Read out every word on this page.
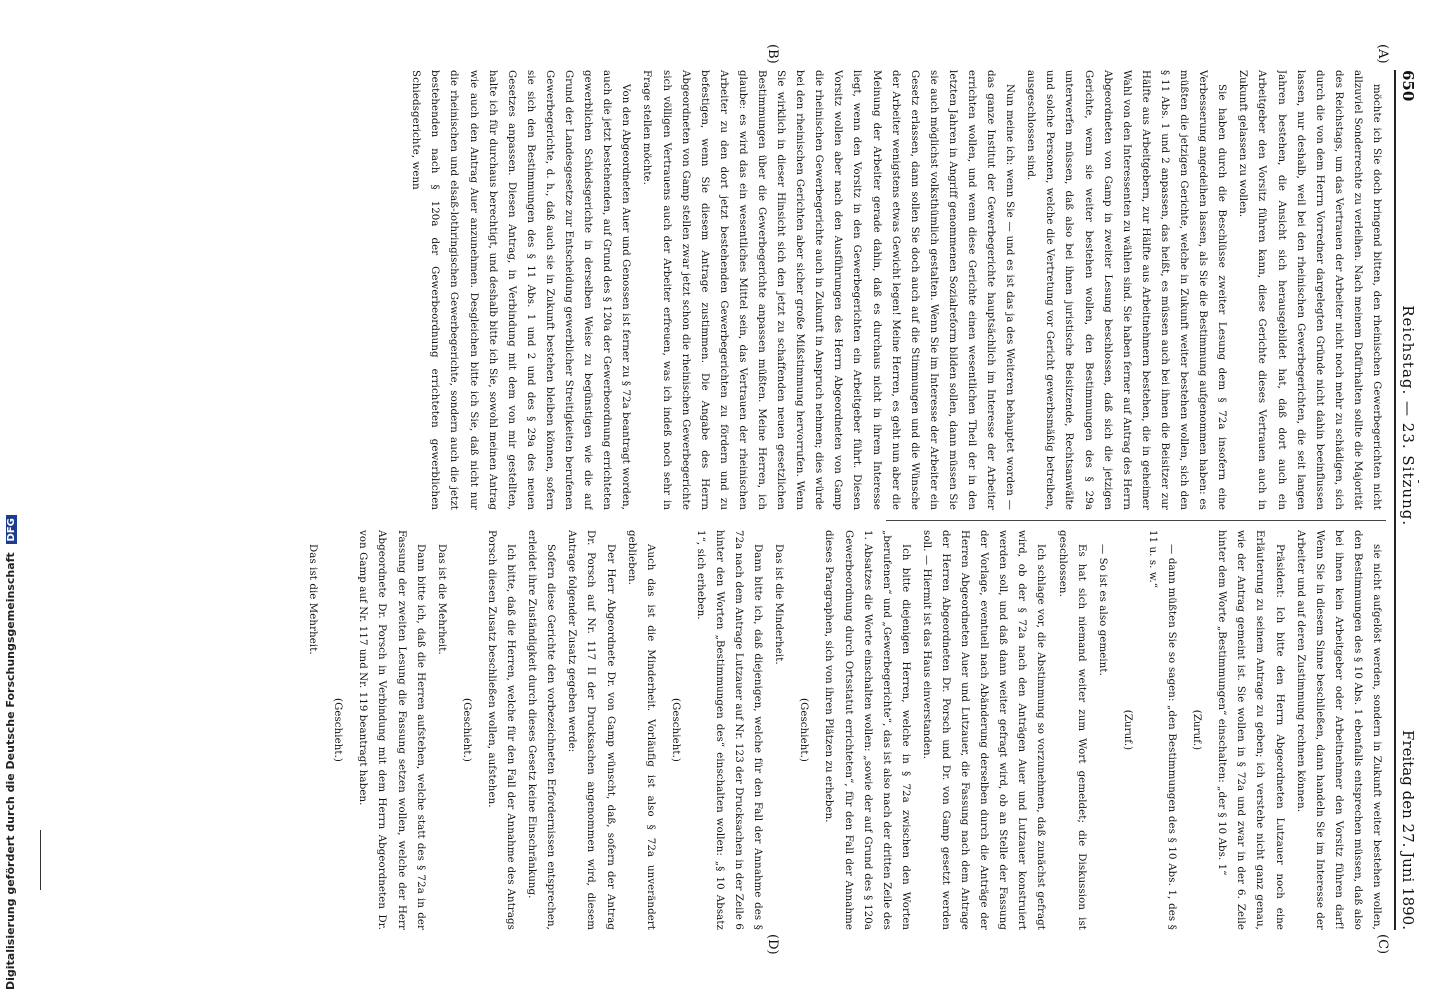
Digitalisierung gefördert durch die Deutsche Forschungsgemeinschaft DFG
650
Reichstag. — 23. Sitzung.
Freitag den 27. Juni 1890.
(A)
(B)
(C)
(D)

möchte ich Sie doch bringend bitten, den rheinischen Gewerbegerichten nicht allzuviel Sonderrechte zu verleihen. Nach meinem Dafürhalten sollte die Majorität des Reichstags, um das Vertrauen der Arbeiter nicht noch mehr zu schädigen, sich durch die von dem Herrn Vorredner dargelegten Gründe nicht dahin beeinflussen lassen, nur deshalb, weil bei den rheinischen Gewerbegerichten, die seit langen Jahren bestehen, die Ansicht sich herausgebildet hat, daß dort auch ein Arbeitgeber den Vorsitz führen kann, diese Gerichte dieses Vertrauen auch in Zukunft gelassen zu wollen.

Sie haben durch die Beschlüsse zweiter Lesung dem § 72a insofern eine Verbesserung angedeihen lassen, als Sie die Bestimmung aufgenommen haben: es müßten die jetzigen Gerichte, welche in Zukunft weiter bestehen wollen, sich den § 11 Abs. 1 und 2 anpassen, das heißt, es müssen auch bei ihnen die Beisitzer zur Hälfte aus Arbeitgebern, zur Hälfte aus Arbeitnehmern bestehen, die in geheimer Wahl von den Interessenten zu wählen sind. Sie haben ferner auf Antrag des Herrn Abgeordneten von Gamp in zweiter Lesung beschlossen, daß sich die jetzigen Gerichte, wenn sie weiter bestehen wollen, den Bestimmungen des § 29a unterwerfen müssen, daß also bei ihnen juristische Beisitzende, Rechtsanwälte und solche Personen, welche die Vertretung vor Gericht gewerbsmäßig betreiben, ausgeschlossen sind.

Nun meine ich: wenn Sie — und es ist das ja des Weiteren behauptet worden — das ganze Institut der Gewerbegerichte hauptsächlich im Interesse der Arbeiter errichten wollen, und wenn diese Gerichte einen wesentlichen Theil der in den letzten Jahren in Angriff genommenen Sozialreform bilden sollen, dann müssen Sie sie auch möglichst volksthümlich gestalten. Wenn Sie im Interesse der Arbeiter ein Gesetz erlassen, dann sollen Sie doch auch auf die Stimmungen und die Wünsche der Arbeiter wenigstens etwas Gewicht legen! Meine Herren, es geht nun aber die Meinung der Arbeiter gerade dahin, daß es durchaus nicht in ihrem Interesse liegt, wenn den Vorsitz in den Gewerbegerichten ein Arbeitgeber führt. Diesen Vorsitz wollen aber nach den Ausführungen des Herrn Abgeordneten von Gamp die rheinischen Gewerbegerichte auch in Zukunft in Anspruch nehmen; dies würde bei den rheinischen Gerichten aber sicher große Mißstimmung hervorrufen. Wenn Sie wirklich in dieser Hinsicht sich den jetzt zu schaffenden neuen gesetzlichen Bestimmungen über die Gewerbegerichte anpassen müßten. Meine Herren, ich glaube: es wird das ein wesentliches Mittel sein, das Vertrauen der rheinischen Arbeiter zu den dort jetzt bestehenden Gewerbegerichten zu fördern und zu befestigen, wenn Sie diesem Antrage zustimmen. Die Angabe des Herrn Abgeordneten von Gamp stellen zwar jetzt schon die rheinischen Gewerbegerichte sich völligen Vertrauens auch der Arbeiter erfreuen, was ich indeß noch sehr in Frage stellen möchte.

Von den Abgeordneten Auer und Genossen ist ferner zu § 72a beantragt worden, auch die jetzt bestehenden, auf Grund des § 120a der Gewerbeordnung errichteten gewerblichen Schiedsgerichte in derselben Weise zu begünstigen wie die auf Grund der Landesgesetze zur Entscheidung gewerblicher Streitigkeiten berufenen Gewerbegerichte, d. h., daß auch sie in Zukunft bestehen bleiben können, sofern sie sich den Bestimmungen des § 11 Abs. 1 und 2 und des § 29a des neuen Gesetzes anpassen. Diesen Antrag, in Verbindung mit dem von mir gestellten, halte ich für durchaus berechtigt, und deshalb bitte ich Sie, sowohl meinen Antrag wie auch den Antrag Auer anzunehmen. Desgleichen bitte ich Sie, daß nicht nur die rheinischen und elsaß-lothringischen Gewerbegerichte, sondern auch die jetzt bestehenden nach § 120a der Gewerbeordnung errichteten gewerblichen Schiedsgerichte, wenn

sie nicht aufgelöst werden, sondern in Zukunft weiter bestehen wollen, den Bestimmungen des § 10 Abs. 1 ebenfalls entsprechen müssen, daß also bei ihnen kein Arbeitgeber oder Arbeitnehmer den Vorsitz führen darf! Wenn Sie in diesem Sinne beschließen, dann handeln Sie im Interesse der Arbeiter und auf deren Zustimmung rechnen können.

Präsident: Ich bitte den Herrn Abgeordneten Lutzauer noch eine Erläuterung zu seinem Antrage zu geben; ich verstehe nicht ganz genau, wie der Antrag gemeint ist. Sie wollen in § 72a und zwar in der 6. Zeile hinter dem Worte „Bestimmungen“ einschalten: „der § 10 Abs. 1“

(Zuruf.)

— dann müßten Sie so sagen: „den Bestimmungen des § 10 Abs. 1, des § 11 u. s. w.“

(Zuruf.)

— So ist es also gemeint.

Es hat sich niemand weiter zum Wort gemeldet; die Diskussion ist geschlossen.

Ich schlage vor, die Abstimmung so vorzunehmen, daß zunächst gefragt wird, ob der § 72a nach den Anträgen Auer und Lutzauer konstruiert werden soll, und daß dann weiter gefragt wird, ob an Stelle der Fassung der Vorlage, eventuell nach Abänderung derselben durch die Anträge der Herren Abgeordneten Auer und Lutzauer, die Fassung nach dem Antrage der Herren Abgeordneten Dr. Porsch und Dr. von Gamp gesetzt werden soll. — Hiermit ist das Haus einverstanden.

Ich bitte diejenigen Herren, welche in § 72a zwischen den Worten „berufenen“ und „Gewerbegerichte“, das ist also nach der dritten Zeile des 1. Absatzes die Worte einschalten wollen: „sowie der auf Grund des § 120a Gewerbeordnung durch Ortsstatut errichteten“, für den Fall der Annahme dieses Paragraphen, sich von ihren Plätzen zu erheben.

(Geschieht.)

Das ist die Minderheit.

Dann bitte ich, daß diejenigen, welche für den Fall der Annahme des § 72a nach dem Antrage Lutzauer auf Nr. 123 der Drucksachen in der Zeile 6 hinter den Worten „Bestimmungen des“ einschalten wollen: „§ 10 Absatz 1“, sich erheben.

(Geschieht.)

Auch das ist die Minderheit. Vorläufig ist also § 72a unverändert geblieben.

Der Herr Abgeordnete Dr. von Gamp wünscht, daß, sofern der Antrag Dr. Porsch auf Nr. 117 II der Drucksachen angenommen wird, diesem Antrage folgender Zusatz gegeben werde:

Sofern diese Gerichte den vorbezeichneten Erfordernissen entsprechen, erleidet ihre Zuständigkeit durch dieses Gesetz keine Einschränkung.

Ich bitte, daß die Herren, welche für den Fall der Annahme des Antrags Porsch diesen Zusatz beschließen wollen, aufstehen.

(Geschieht.)

Das ist die Mehrheit.

Dann bitte ich, daß die Herren aufstehen, welche statt des § 72a in der Fassung der zweiten Lesung die Fassung setzen wollen, welche der Herr Abgeordnete Dr. Porsch in Verbindung mit dem Herrn Abgeordneten Dr. von Gamp auf Nr. 117 und Nr. 119 beantragt haben.

(Geschieht.)

Das ist die Mehrheit.
